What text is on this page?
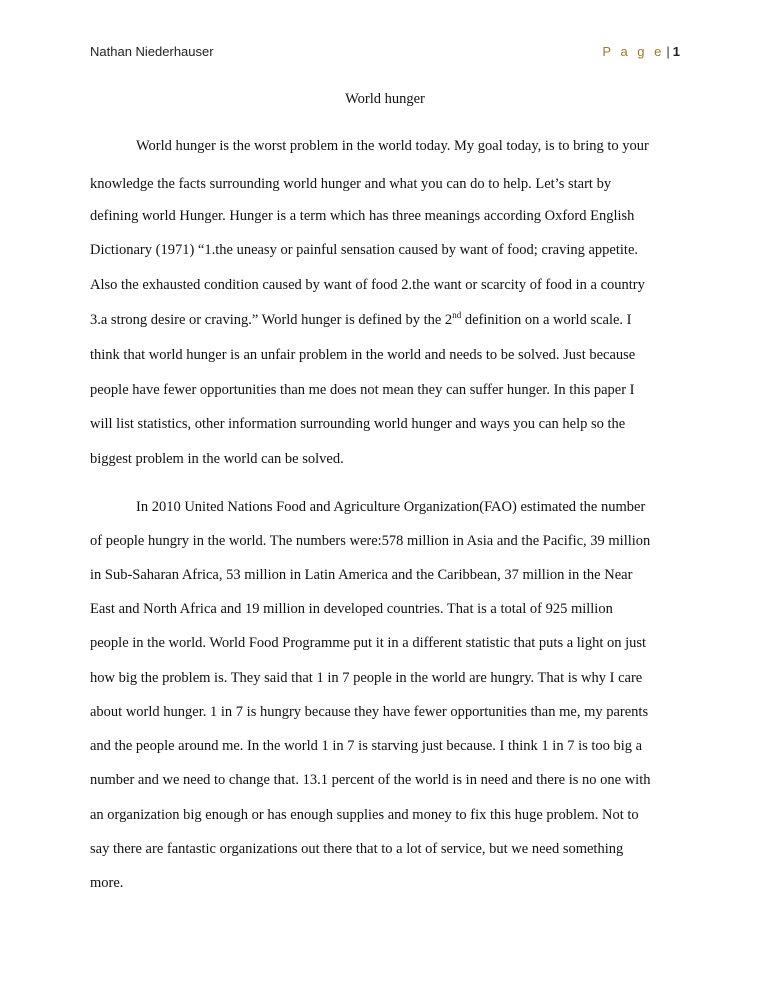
Nathan Niederhauser	P a g e | 1
World hunger
World hunger is the worst problem in the world today. My goal today, is to bring to your
knowledge the facts surrounding world hunger and what you can do to help. Let’s start by
defining world Hunger. Hunger is a term which has three meanings according Oxford English
Dictionary (1971) “1.the uneasy or painful sensation caused by want of food; craving appetite.
Also the exhausted condition caused by want of food 2.the want or scarcity of food in a country
3.a strong desire or craving.” World hunger is defined by the 2nd definition on a world scale. I
think that world hunger is an unfair problem in the world and needs to be solved. Just because
people have fewer opportunities than me does not mean they can suffer hunger. In this paper I
will list statistics, other information surrounding world hunger and ways you can help so the
biggest problem in the world can be solved.
In 2010 United Nations Food and Agriculture Organization(FAO) estimated the number
of people hungry in the world. The numbers were:578 million in Asia and the Pacific, 39 million
in Sub-Saharan Africa, 53 million in Latin America and the Caribbean, 37 million in the Near
East and North Africa and 19 million in developed countries. That is a total of 925 million
people in the world. World Food Programme put it in a different statistic that puts a light on just
how big the problem is. They said that 1 in 7 people in the world are hungry. That is why I care
about world hunger. 1 in 7 is hungry because they have fewer opportunities than me, my parents
and the people around me. In the world 1 in 7 is starving just because. I think 1 in 7 is too big a
number and we need to change that. 13.1 percent of the world is in need and there is no one with
an organization big enough or has enough supplies and money to fix this huge problem. Not to
say there are fantastic organizations out there that to a lot of service, but we need something
more.
